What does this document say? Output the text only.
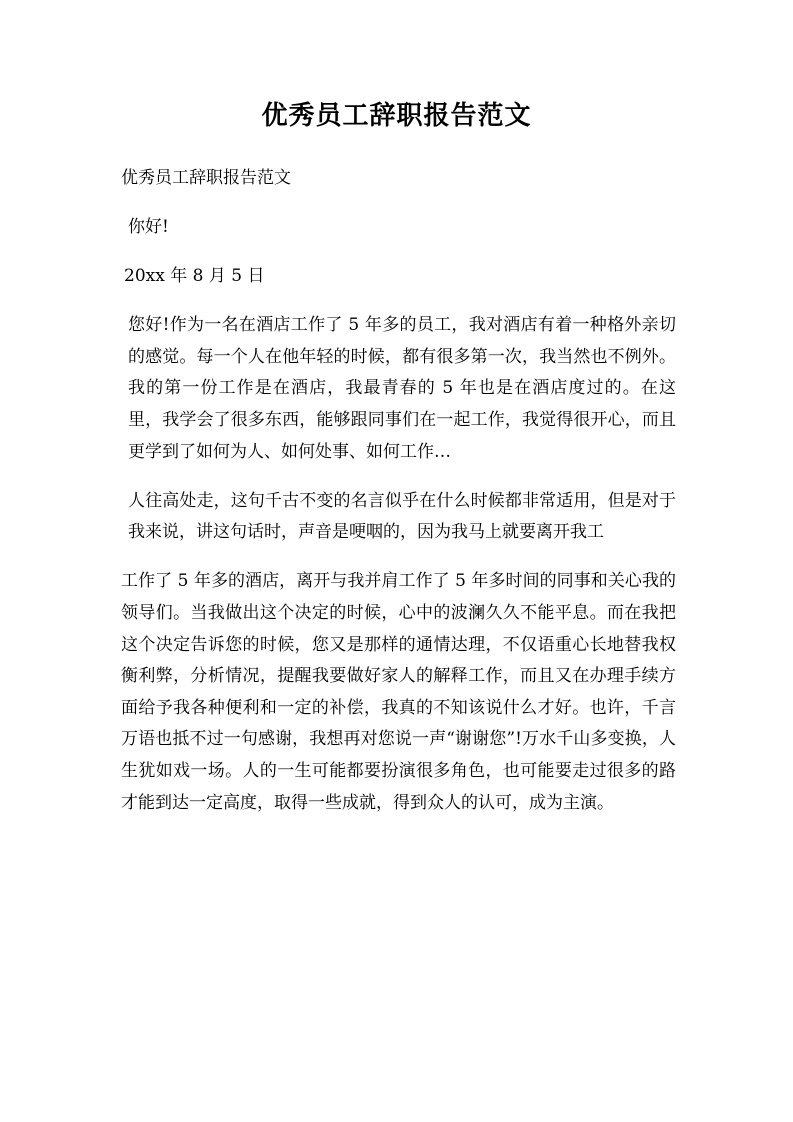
优秀员工辞职报告范文

优秀员工辞职报告范文

你好!

20xx 年 8 月 5 日

您好!作为一名在酒店工作了 5 年多的员工，我对酒店有着一种格外亲切的感觉。每一个人在他年轻的时候，都有很多第一次，我当然也不例外。我的第一份工作是在酒店，我最青春的 5 年也是在酒店度过的。在这里，我学会了很多东西，能够跟同事们在一起工作，我觉得很开心，而且更学到了如何为人、如何处事、如何工作…

人往高处走，这句千古不变的名言似乎在什么时候都非常适用，但是对于我来说，讲这句话时，声音是哽咽的，因为我马上就要离开我工

工作了 5 年多的酒店，离开与我并肩工作了 5 年多时间的同事和关心我的领导们。当我做出这个决定的时候，心中的波澜久久不能平息。而在我把这个决定告诉您的时候，您又是那样的通情达理，不仅语重心长地替我权衡利弊，分析情况，提醒我要做好家人的解释工作，而且又在办理手续方面给予我各种便利和一定的补偿，我真的不知该说什么才好。也许，千言万语也抵不过一句感谢，我想再对您说一声“谢谢您”!万水千山多变换，人生犹如戏一场。人的一生可能都要扮演很多角色，也可能要走过很多的路才能到达一定高度，取得一些成就，得到众人的认可，成为主演。
